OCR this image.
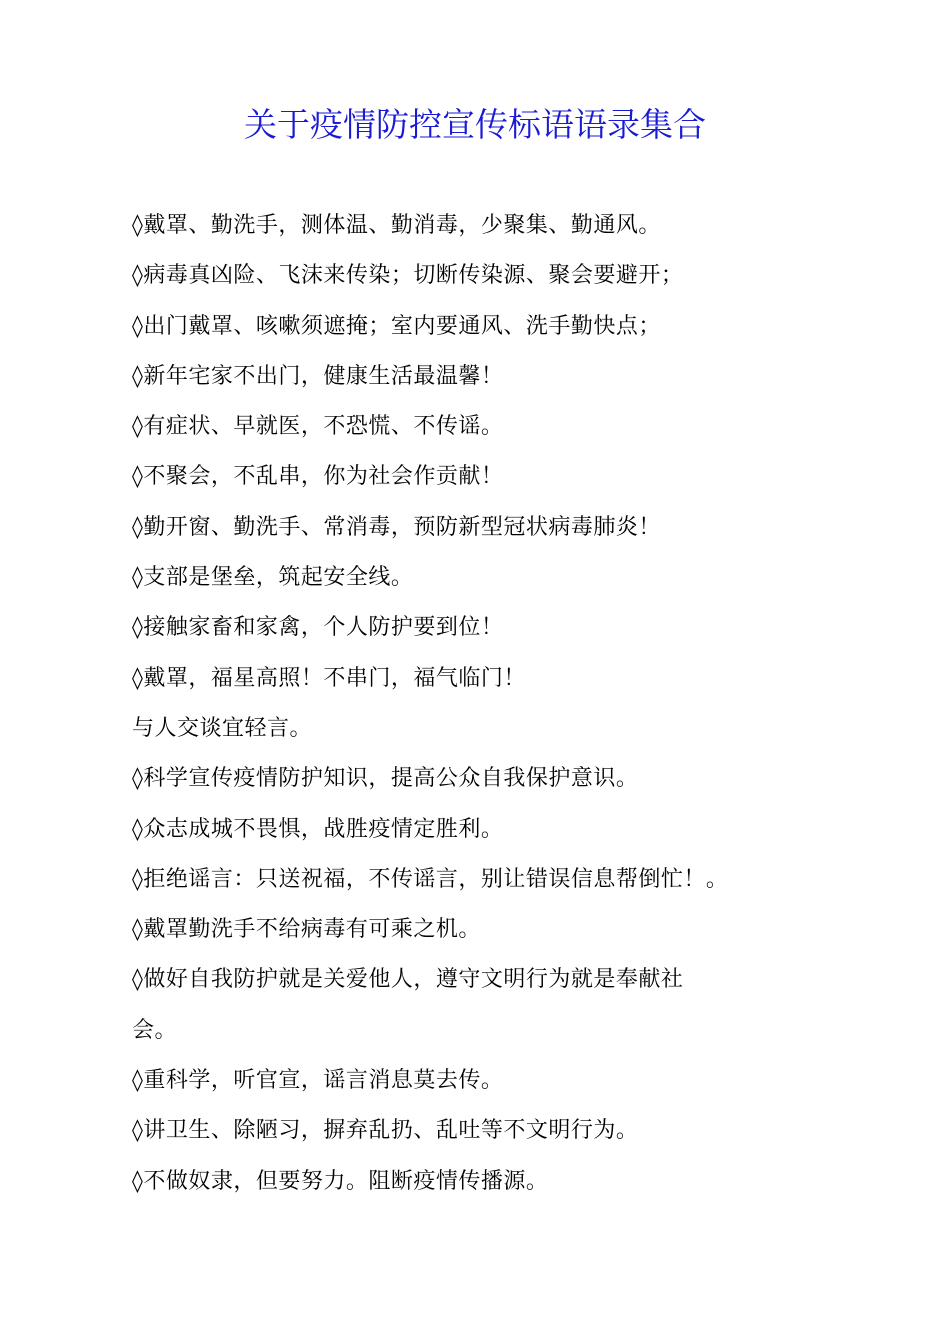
关于疫情防控宣传标语语录集合
◊戴罩、勤洗手，测体温、勤消毒，少聚集、勤通风。
◊病毒真凶险、飞沫来传染；切断传染源、聚会要避开；
◊出门戴罩、咳嗽须遮掩；室内要通风、洗手勤快点；
◊新年宅家不出门，健康生活最温馨！
◊有症状、早就医，不恐慌、不传谣。
◊不聚会，不乱串，你为社会作贡献！
◊勤开窗、勤洗手、常消毒，预防新型冠状病毒肺炎！
◊支部是堡垒，筑起安全线。
◊接触家畜和家禽，个人防护要到位！
◊戴罩，福星高照！不串门，福气临门！
与人交谈宜轻言。
◊科学宣传疫情防护知识，提高公众自我保护意识。
◊众志成城不畏惧，战胜疫情定胜利。
◊拒绝谣言：只送祝福，不传谣言，别让错误信息帮倒忙！。
◊戴罩勤洗手不给病毒有可乘之机。
◊做好自我防护就是关爱他人，遵守文明行为就是奉献社
会。
◊重科学，听官宣，谣言消息莫去传。
◊讲卫生、除陋习，摒弃乱扔、乱吐等不文明行为。
◊不做奴隶，但要努力。阻断疫情传播源。
